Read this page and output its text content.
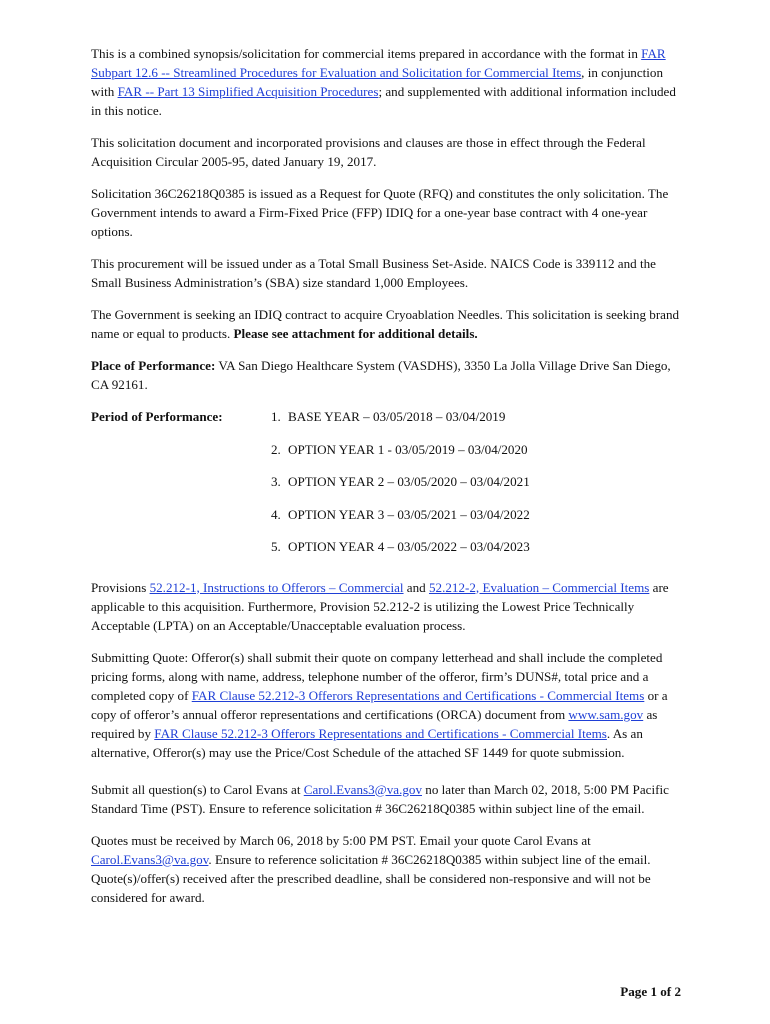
This is a combined synopsis/solicitation for commercial items prepared in accordance with the format in FAR Subpart 12.6 -- Streamlined Procedures for Evaluation and Solicitation for Commercial Items, in conjunction with FAR -- Part 13 Simplified Acquisition Procedures; and supplemented with additional information included in this notice.

This solicitation document and incorporated provisions and clauses are those in effect through the Federal Acquisition Circular 2005-95, dated January 19, 2017.

Solicitation 36C26218Q0385 is issued as a Request for Quote (RFQ) and constitutes the only solicitation. The Government intends to award a Firm-Fixed Price (FFP) IDIQ for a one-year base contract with 4 one-year options.

This procurement will be issued under as a Total Small Business Set-Aside. NAICS Code is 339112 and the Small Business Administration’s (SBA) size standard 1,000 Employees.

The Government is seeking an IDIQ contract to acquire Cryoablation Needles. This solicitation is seeking brand name or equal to products. Please see attachment for additional details.

Place of Performance: VA San Diego Healthcare System (VASDHS), 3350 La Jolla Village Drive San Diego, CA 92161.

Period of Performance:	1. BASE YEAR – 03/05/2018 – 03/04/2019
2. OPTION YEAR 1 - 03/05/2019 – 03/04/2020
3. OPTION YEAR 2 – 03/05/2020 – 03/04/2021
4. OPTION YEAR 3 – 03/05/2021 – 03/04/2022
5. OPTION YEAR 4 – 03/05/2022 – 03/04/2023

Provisions 52.212-1, Instructions to Offerors – Commercial and 52.212-2, Evaluation – Commercial Items are applicable to this acquisition. Furthermore, Provision 52.212-2 is utilizing the Lowest Price Technically Acceptable (LPTA) on an Acceptable/Unacceptable evaluation process.

Submitting Quote: Offeror(s) shall submit their quote on company letterhead and shall include the completed pricing forms, along with name, address, telephone number of the offeror, firm’s DUNS#, total price and a completed copy of FAR Clause 52.212-3 Offerors Representations and Certifications - Commercial Items or a copy of offeror’s annual offeror representations and certifications (ORCA) document from www.sam.gov as required by FAR Clause 52.212-3 Offerors Representations and Certifications - Commercial Items. As an alternative, Offeror(s) may use the Price/Cost Schedule of the attached SF 1449 for quote submission.

Submit all question(s) to Carol Evans at Carol.Evans3@va.gov no later than March 02, 2018, 5:00 PM Pacific Standard Time (PST). Ensure to reference solicitation # 36C26218Q0385 within subject line of the email.

Quotes must be received by March 06, 2018 by 5:00 PM PST. Email your quote Carol Evans at Carol.Evans3@va.gov. Ensure to reference solicitation # 36C26218Q0385 within subject line of the email. Quote(s)/offer(s) received after the prescribed deadline, shall be considered non-responsive and will not be considered for award.

Page 1 of 2
